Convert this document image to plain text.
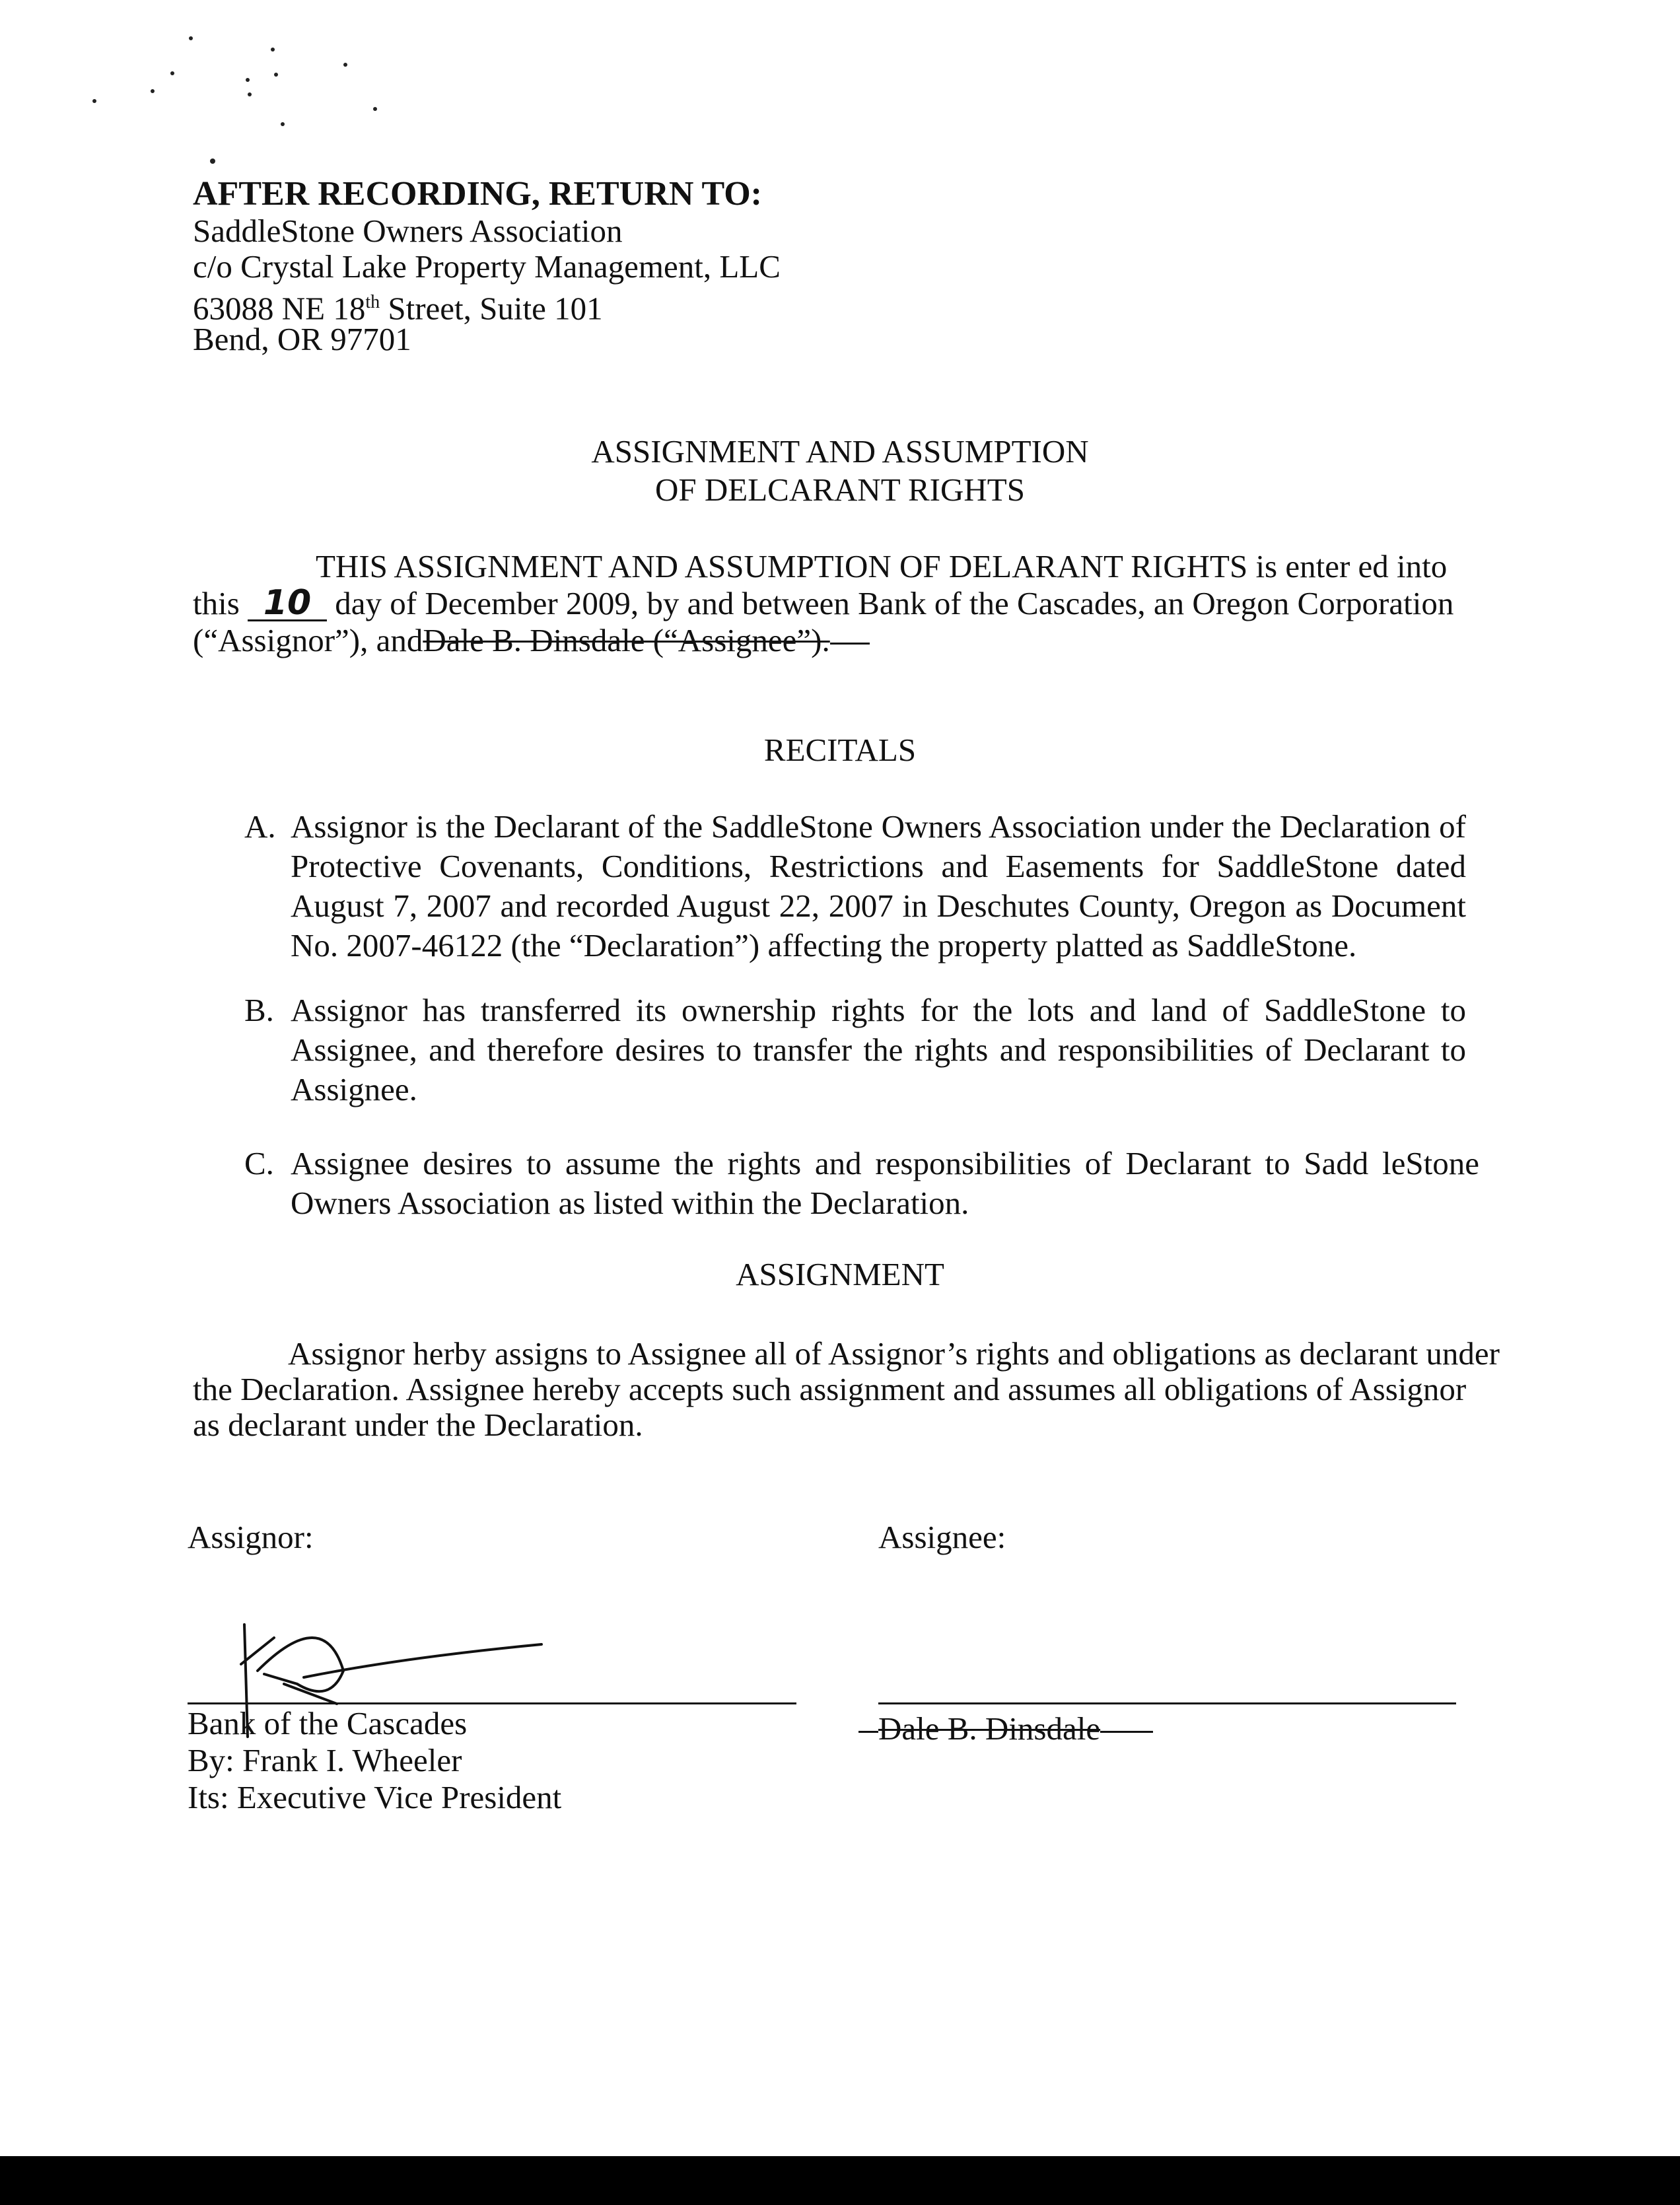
AFTER RECORDING, RETURN TO:
SaddleStone Owners Association
c/o Crystal Lake Property Management, LLC
63088 NE 18th Street, Suite 101
Bend, OR 97701
ASSIGNMENT AND ASSUMPTION
OF DELCARANT RIGHTS
THIS ASSIGNMENT AND ASSUMPTION OF DELARANT RIGHTS is enter ed into
this 10 day of December 2009, by and between Bank of the Cascades, an Oregon Corporation
(“Assignor”), andDale B. Dinsdale (“Assignee”).
RECITALS
A. Assignor is the Declarant of the SaddleStone Owners Association under the Declaration of Protective Covenants, Conditions, Restrictions and Easements for SaddleStone dated August 7, 2007 and recorded August 22, 2007 in Deschutes County, Oregon as Document No. 2007-46122 (the “Declaration”) affecting the property platted as SaddleStone.
B. Assignor has transferred its ownership rights for the lots and land of SaddleStone to Assignee, and therefore desires to transfer the rights and responsibilities of Declarant to Assignee.
C. Assignee desires to assume the rights and responsibilities of Declarant to Sadd leStone Owners Association as listed within the Declaration.
ASSIGNMENT
Assignor herby assigns to Assignee all of Assignor’s rights and obligations as declarant under
the Declaration. Assignee hereby accepts such assignment and assumes all obligations of Assignor
as declarant under the Declaration.
Assignor:	Assignee:
Bank of the Cascades
By: Frank I. Wheeler
Its: Executive Vice President
Dale B. Dinsdale
